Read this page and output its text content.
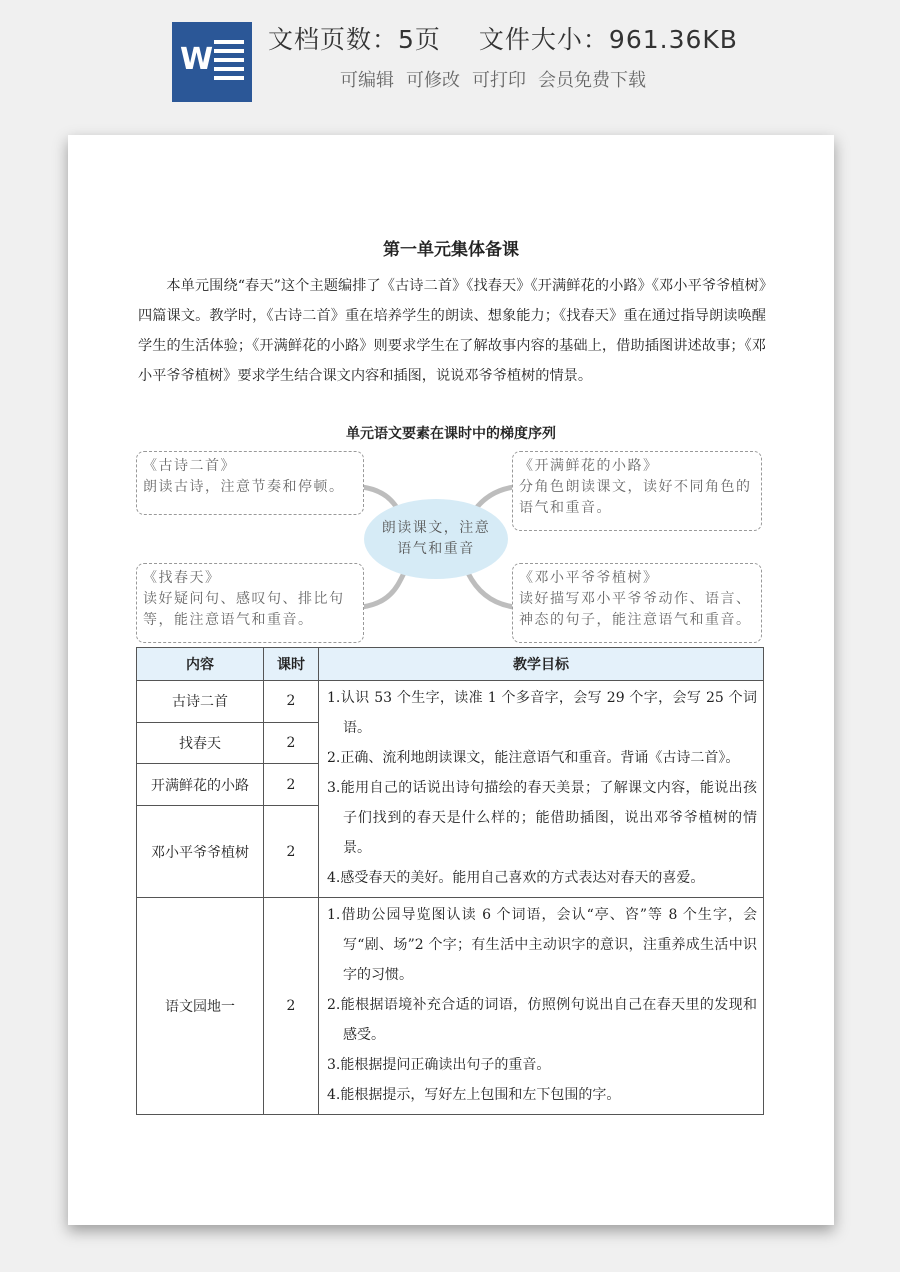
W
文档页数：5页 文件大小：961.36KB
可编辑 可修改 可打印 会员免费下载
第一单元集体备课

本单元围绕“春天”这个主题编排了《古诗二首》《找春天》《开满鲜花的小路》《邓小平爷爷植树》四篇课文。教学时，《古诗二首》重在培养学生的朗读、想象能力；《找春天》重在通过指导朗读唤醒学生的生活体验；《开满鲜花的小路》则要求学生在了解故事内容的基础上，借助插图讲述故事；《邓小平爷爷植树》要求学生结合课文内容和插图，说说邓爷爷植树的情景。

单元语文要素在课时中的梯度序列
《古诗二首》
朗读古诗，注意节奏和停顿。
《开满鲜花的小路》
分角色朗读课文，读好不同角色的语气和重音。
《找春天》
读好疑问句、感叹句、排比句等，能注意语气和重音。
《邓小平爷爷植树》
读好描写邓小平爷爷动作、语言、神态的句子，能注意语气和重音。
朗读课文，注意语气和重音
内容	课时	教学目标
古诗二首	2	1.认识 53 个生字，读准 1 个多音字，会写 29 个字，会写 25 个词语。
2.正确、流利地朗读课文，能注意语气和重音。背诵《古诗二首》。
3.能用自己的话说出诗句描绘的春天美景；了解课文内容，能说出孩子们找到的春天是什么样的；能借助插图，说出邓爷爷植树的情景。
4.感受春天的美好。能用自己喜欢的方式表达对春天的喜爱。

找春天	2	
开满鲜花的小路	2	
邓小平爷爷植树	2	
语文园地一	2	1.借助公园导览图认读 6 个词语，会认“亭、咨”等 8 个生字，会写“剧、场”2 个字；有生活中主动识字的意识，注重养成生活中识字的习惯。
2.能根据语境补充合适的词语，仿照例句说出自己在春天里的发现和感受。
3.能根据提问正确读出句子的重音。
4.能根据提示，写好左上包围和左下包围的字。
